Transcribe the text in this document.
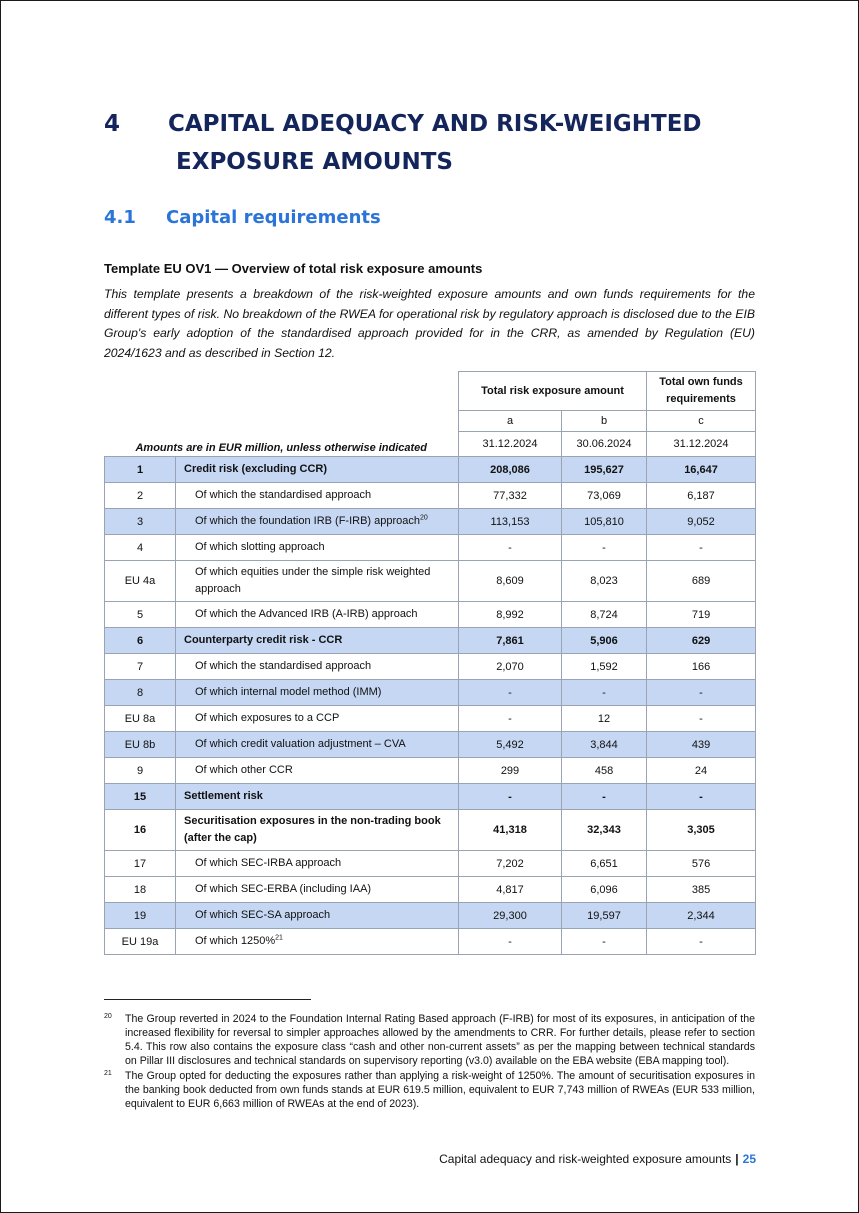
4 CAPITAL ADEQUACY AND RISK-WEIGHTED
EXPOSURE AMOUNTS
4.1 Capital requirements
Template EU OV1 — Overview of total risk exposure amounts
This template presents a breakdown of the risk-weighted exposure amounts and own funds requirements for the different types of risk. No breakdown of the RWEA for operational risk by regulatory approach is disclosed due to the EIB Group's early adoption of the standardised approach provided for in the CRR, as amended by Regulation (EU) 2024/1623 and as described in Section 12.
		Total risk exposure amount		Total own funds requirements
		a	b	c
Amounts are in EUR million, unless otherwise indicated		31.12.2024	30.06.2024	31.12.2024
1	Credit risk (excluding CCR)	208,086	195,627	16,647
2	Of which the standardised approach	77,332	73,069	6,187
3	Of which the foundation IRB (F-IRB) approach$^{20}$	113,153	105,810	9,052
4	Of which slotting approach	-	-	-
EU 4a	Of which equities under the simple risk weighted approach	8,609	8,023	689
5	Of which the Advanced IRB (A-IRB) approach	8,992	8,724	719
6	Counterparty credit risk - CCR	7,861	5,906	629
7	Of which the standardised approach	2,070	1,592	166
8	Of which internal model method (IMM)	-	-	-
EU 8a	Of which exposures to a CCP	-	12	-
EU 8b	Of which credit valuation adjustment – CVA	5,492	3,844	439
9	Of which other CCR	299	458	24
15	Settlement risk	-	-	-
16	Securitisation exposures in the non-trading book (after the cap)	41,318	32,343	3,305
17	Of which SEC-IRBA approach	7,202	6,651	576
18	Of which SEC-ERBA (including IAA)	4,817	6,096	385
19	Of which SEC-SA approach	29,300	19,597	2,344
EU 19a	Of which 1250%$^{21}$	-	-	-
20 The Group reverted in 2024 to the Foundation Internal Rating Based approach (F-IRB) for most of its exposures, in anticipation of the increased flexibility for reversal to simpler approaches allowed by the amendments to CRR. For further details, please refer to section 5.4. This row also contains the exposure class “cash and other non-current assets” as per the mapping between technical standards on Pillar III disclosures and technical standards on supervisory reporting (v3.0) available on the EBA website (EBA mapping tool).
21 The Group opted for deducting the exposures rather than applying a risk-weight of 1250%. The amount of securitisation exposures in the banking book deducted from own funds stands at EUR 619.5 million, equivalent to EUR 7,743 million of RWEAs (EUR 533 million, equivalent to EUR 6,663 million of RWEAs at the end of 2023).
Capital adequacy and risk-weighted exposure amounts | 25
